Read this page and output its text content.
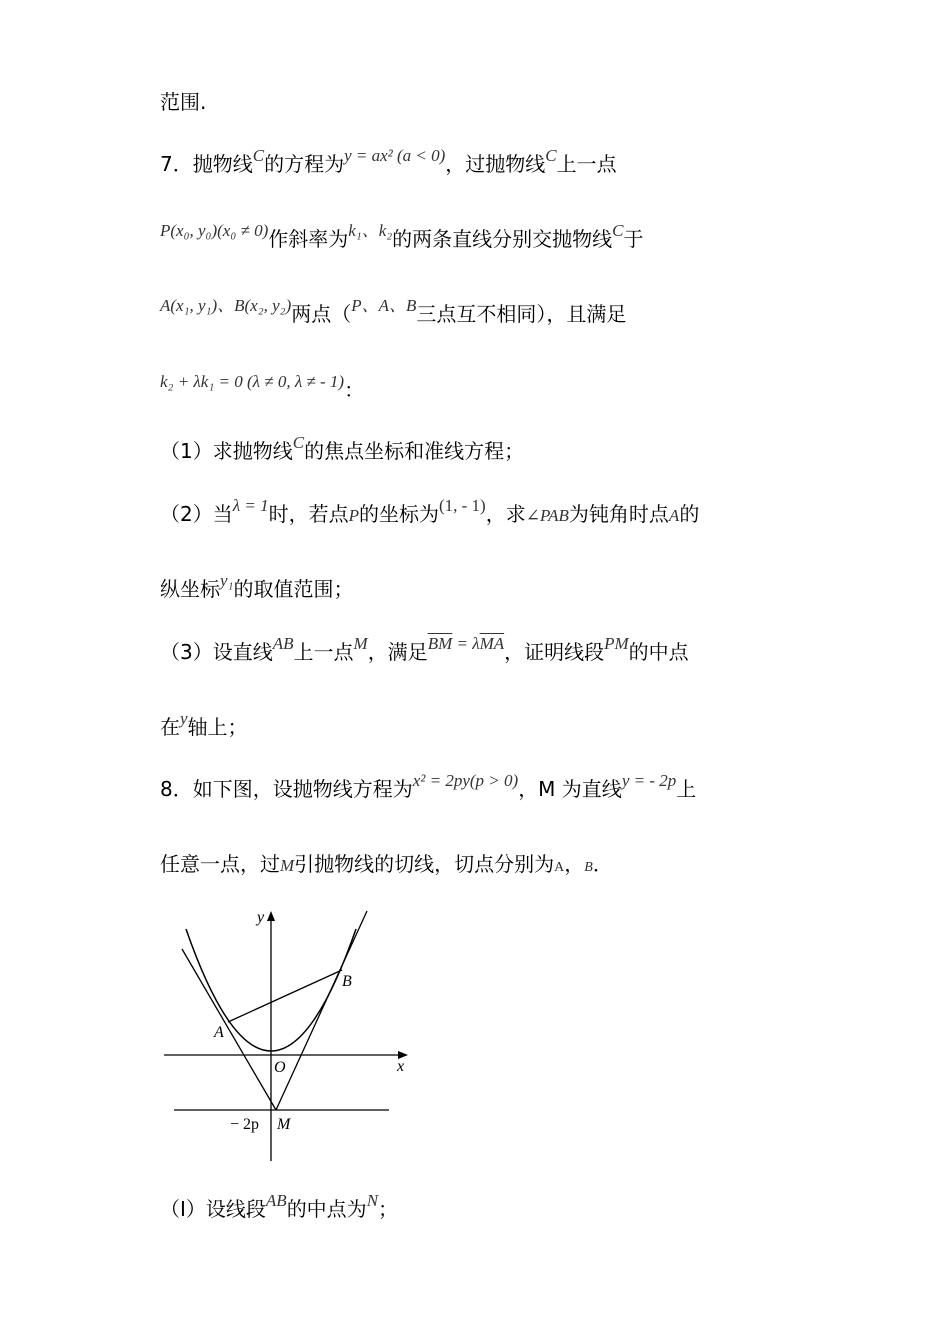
范围.
7．抛物线$^C$的方程为$^{y = ax^2 (a < 0)}$，过抛物线$^C$上一点
$^{P(x_0, y_0)(x_0 \ne 0)}$作斜率为$^{k_1、k_2}$的两条直线分别交抛物线$^C$于
$^{A(x_1, y_1)、B(x_2, y_2)}$两点（$^{P、A、B}$三点互不相同），且满足
$^{k_2 + \lambda k_1 = 0 (\lambda \ne 0, \lambda \ne - 1)}$：
（1）求抛物线$^C$的焦点坐标和准线方程；
（2）当$^{\lambda = 1}$时，若点P的坐标为$^{(1, - 1)}$，求∠PAB为钝角时点A的
纵坐标$^{y_1}$的取值范围；
（3）设直线$^{AB}$上一点$^M$，满足$\overline{BM} = \lambda\overline{MA}$，证明线段$^{PM}$的中点
在$^y$轴上；
8．如下图，设抛物线方程为$^{x^2 = 2py(p > 0)}$，M 为直线$^{y = - 2p}$上
任意一点，过M引抛物线的切线，切点分别为A，B．
y
x
O
A
B
M
− 2p
（Ⅰ）设线段$^{AB}$的中点为$^N$；
